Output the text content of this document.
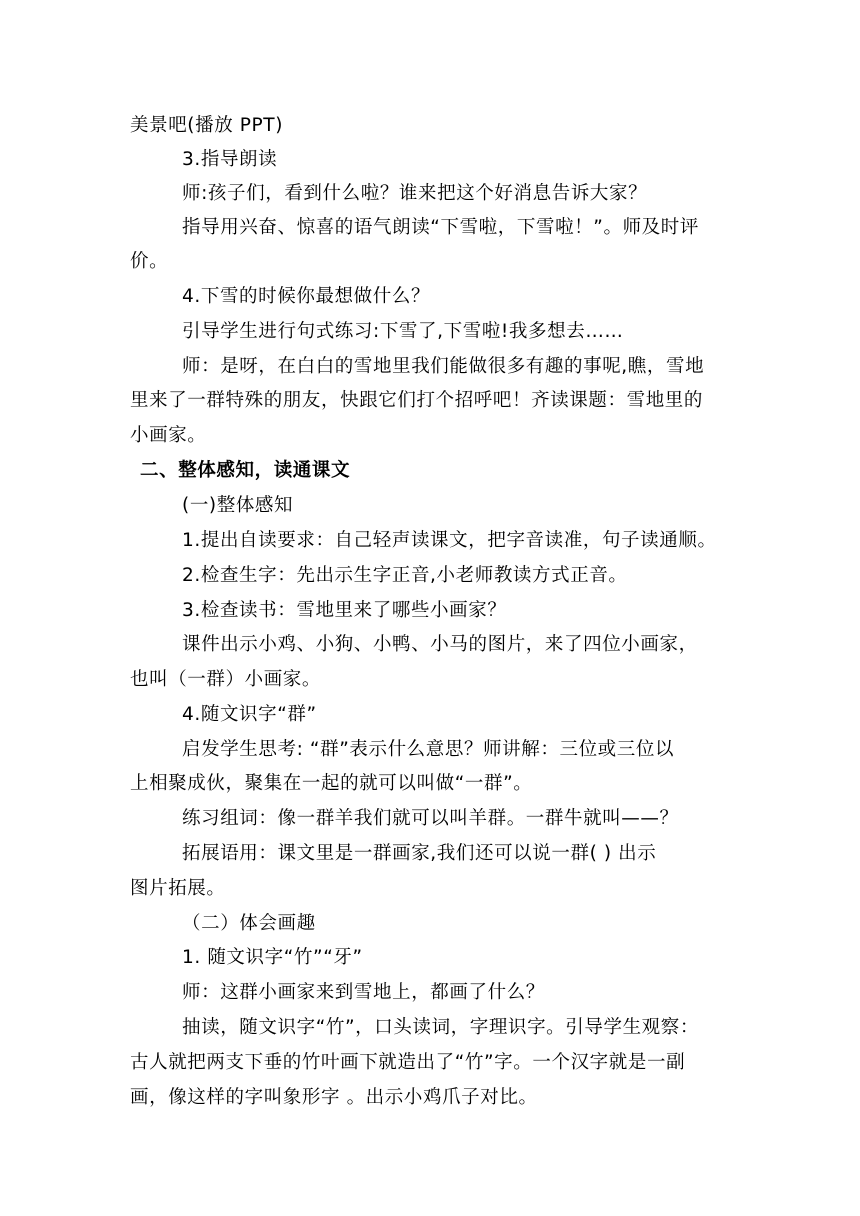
美景吧(播放 PPT)
3.指导朗读
师:孩子们，看到什么啦？谁来把这个好消息告诉大家？
指导用兴奋、惊喜的语气朗读“下雪啦，下雪啦！”。师及时评
价。
4.下雪的时候你最想做什么？
引导学生进行句式练习:下雪了,下雪啦!我多想去……
师：是呀，在白白的雪地里我们能做很多有趣的事呢,瞧，雪地
里来了一群特殊的朋友，快跟它们打个招呼吧！齐读课题：雪地里的
小画家。
二、整体感知，读通课文
(一)整体感知
1.提出自读要求：自己轻声读课文，把字音读准，句子读通顺。
2.检查生字：先出示生字正音,小老师教读方式正音。
3.检查读书：雪地里来了哪些小画家？
课件出示小鸡、小狗、小鸭、小马的图片，来了四位小画家，
也叫（一群）小画家。
4.随文识字“群”
启发学生思考: “群”表示什么意思？师讲解：三位或三位以
上相聚成伙，聚集在一起的就可以叫做“一群”。
练习组词：像一群羊我们就可以叫羊群。一群牛就叫——？
拓展语用：课文里是一群画家,我们还可以说一群( ) 出示
图片拓展。
（二）体会画趣
1. 随文识字“竹”“牙”
师：这群小画家来到雪地上，都画了什么？
抽读，随文识字“竹”，口头读词，字理识字。引导学生观察：
古人就把两支下垂的竹叶画下就造出了“竹”字。一个汉字就是一副
画，像这样的字叫象形字 。出示小鸡爪子对比。
